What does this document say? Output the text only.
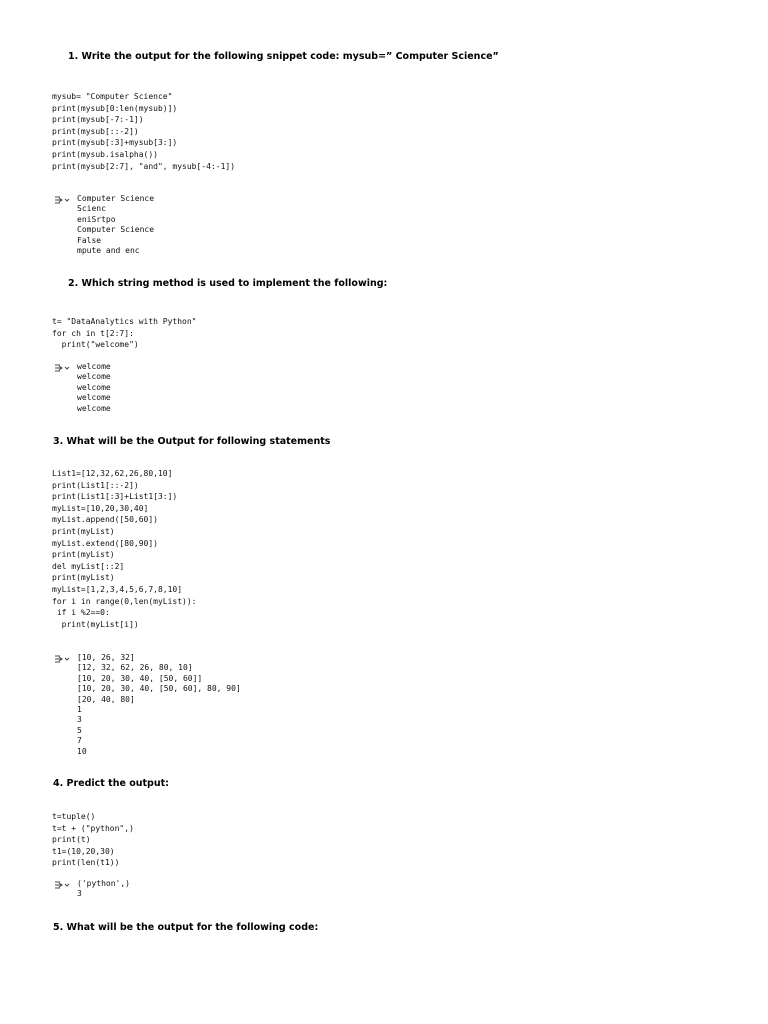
1. Write the output for the following snippet code: mysub=” Computer Science”
mysub= "Computer Science"
print(mysub[0:len(mysub)])
print(mysub[-7:-1])
print(mysub[::-2])
print(mysub[:3]+mysub[3:])
print(mysub.isalpha())
print(mysub[2:7], "and", mysub[-4:-1])
Computer Science
Scienc
eniSrtpo
Computer Science
False
mpute and enc
2. Which string method is used to implement the following:
t= "DataAnalytics with Python"
for ch in t[2:7]:
print("welcome")
welcome
welcome
welcome
welcome
welcome
3. What will be the Output for following statements
List1=[12,32,62,26,80,10]
print(List1[::-2])
print(List1[:3]+List1[3:])
myList=[10,20,30,40]
myList.append([50,60])
print(myList)
myList.extend([80,90])
print(myList)
del myList[::2]
print(myList)
myList=[1,2,3,4,5,6,7,8,10]
for i in range(0,len(myList)):
if i %2==0:
print(myList[i])
[10, 26, 32]
[12, 32, 62, 26, 80, 10]
[10, 20, 30, 40, [50, 60]]
[10, 20, 30, 40, [50, 60], 80, 90]
[20, 40, 80]
1
3
5
7
10
4. Predict the output:
t=tuple()
t=t + ("python",)
print(t)
t1=(10,20,30)
print(len(t1))
('python',)
3
5. What will be the output for the following code:
